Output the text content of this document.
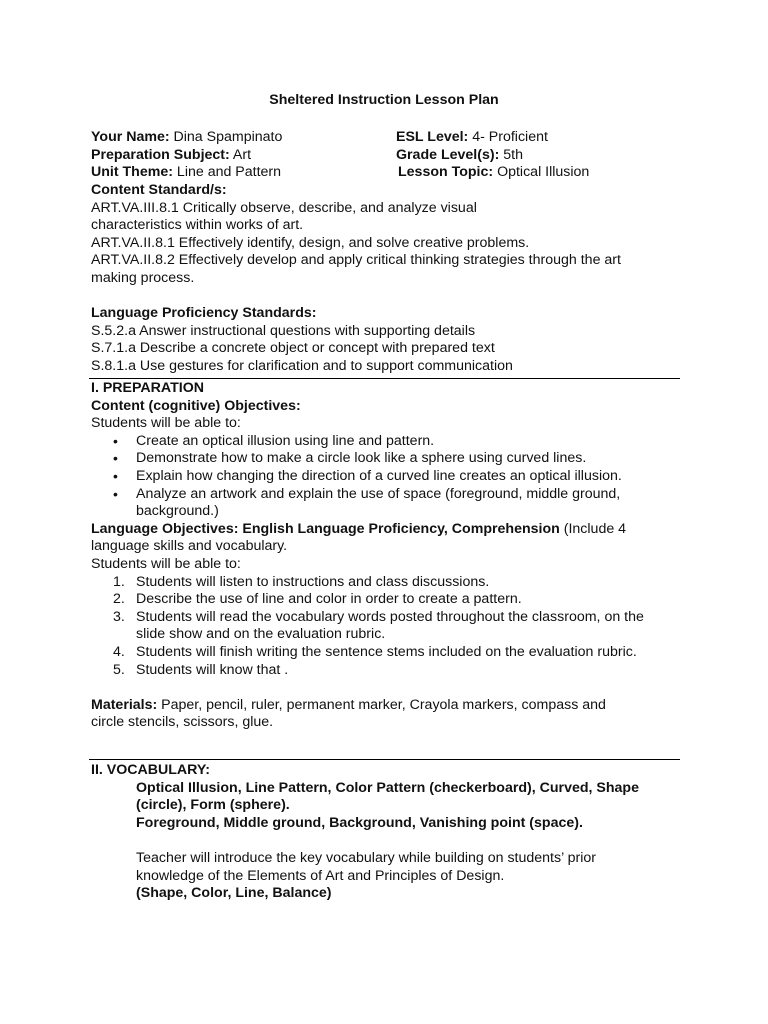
Sheltered Instruction Lesson Plan
Your Name: Dina Spampinato
Preparation Subject: Art
Unit Theme: Line and Pattern
ESL Level: 4- Proficient
Grade Level(s): 5th
Lesson Topic: Optical Illusion
Content Standard/s:
ART.VA.III.8.1 Critically observe, describe, and analyze visual
characteristics within works of art.
ART.VA.II.8.1 Effectively identify, design, and solve creative problems.
ART.VA.II.8.2 Effectively develop and apply critical thinking strategies through the art
making process.
Language Proficiency Standards:
S.5.2.a Answer instructional questions with supporting details
S.7.1.a Describe a concrete object or concept with prepared text
S.8.1.a Use gestures for clarification and to support communication
I. PREPARATION
Content (cognitive) Objectives:
Students will be able to:
• Create an optical illusion using line and pattern.
• Demonstrate how to make a circle look like a sphere using curved lines.
• Explain how changing the direction of a curved line creates an optical illusion.
• Analyze an artwork and explain the use of space (foreground, middle ground,
background.)
Language Objectives: English Language Proficiency, Comprehension (Include 4
language skills and vocabulary.
Students will be able to:
1. Students will listen to instructions and class discussions.
2. Describe the use of line and color in order to create a pattern.
3. Students will read the vocabulary words posted throughout the classroom, on the
slide show and on the evaluation rubric.
4. Students will finish writing the sentence stems included on the evaluation rubric.
5. Students will know that .
Materials: Paper, pencil, ruler, permanent marker, Crayola markers, compass and
circle stencils, scissors, glue.
II. VOCABULARY:
Optical Illusion, Line Pattern, Color Pattern (checkerboard), Curved, Shape
(circle), Form (sphere).
Foreground, Middle ground, Background, Vanishing point (space).
Teacher will introduce the key vocabulary while building on students’ prior
knowledge of the Elements of Art and Principles of Design.
(Shape, Color, Line, Balance)
